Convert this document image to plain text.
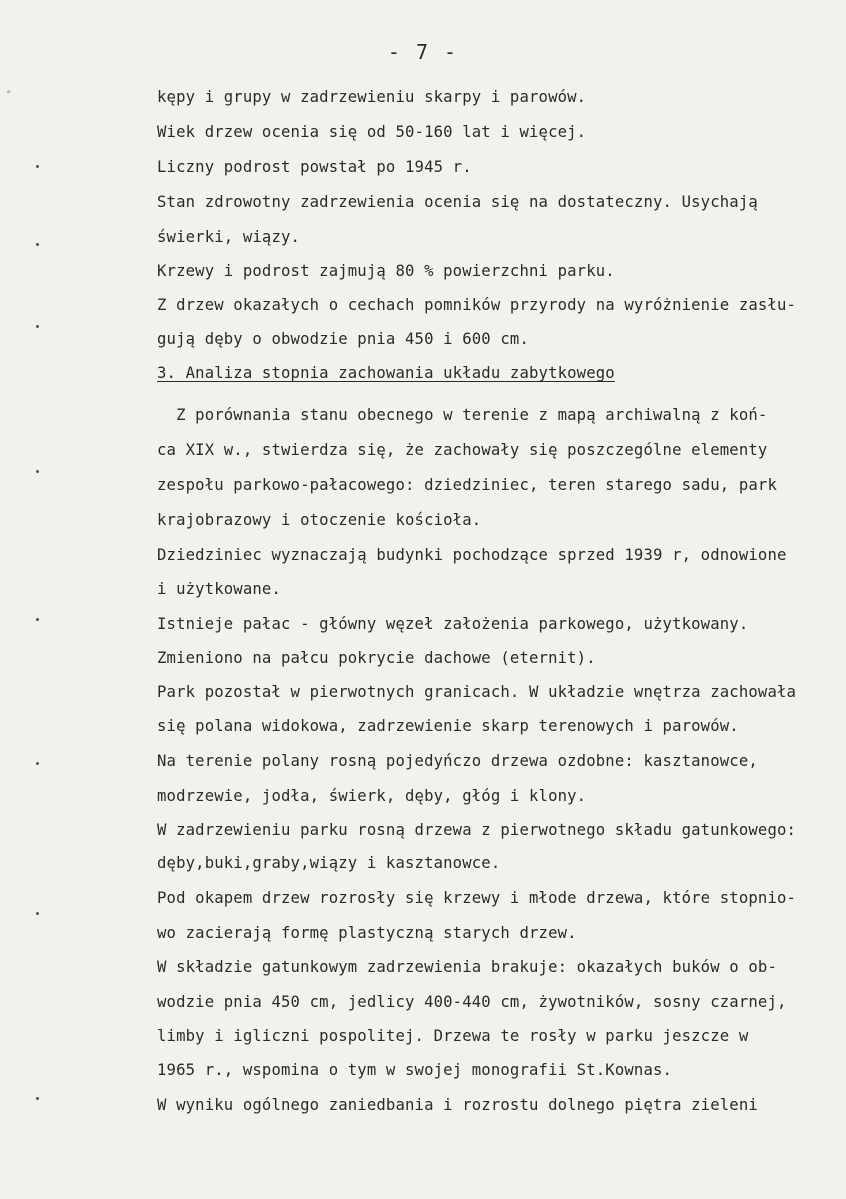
°
- 7 -
kępy i grupy w zadrzewieniu skarpy i parowów.
Wiek drzew ocenia się od 50-160 lat i więcej.
Liczny podrost powstał po 1945 r.
Stan zdrowotny zadrzewienia ocenia się na dostateczny. Usychają
świerki, wiązy.
Krzewy i podrost zajmują 80 % powierzchni parku.
Z drzew okazałych o cechach pomników przyrody na wyróżnienie zasłu-
gują dęby o obwodzie pnia 450 i 600 cm.
3. Analiza stopnia zachowania układu zabytkowego
Z porównania stanu obecnego w terenie z mapą archiwalną z koń-
ca XIX w., stwierdza się, że zachowały się poszczególne elementy
zespołu parkowo-pałacowego: dziedziniec, teren starego sadu, park
krajobrazowy i otoczenie kościoła.
Dziedziniec wyznaczają budynki pochodzące sprzed 1939 r, odnowione
i użytkowane.
Istnieje pałac - główny węzeł założenia parkowego, użytkowany.
Zmieniono na pałcu pokrycie dachowe (eternit).
Park pozostał w pierwotnych granicach. W układzie wnętrza zachowała
się polana widokowa, zadrzewienie skarp terenowych i parowów.
Na terenie polany rosną pojedyńczo drzewa ozdobne: kasztanowce,
modrzewie, jodła, świerk, dęby, głóg i klony.
W zadrzewieniu parku rosną drzewa z pierwotnego składu gatunkowego:
dęby,buki,graby,wiązy i kasztanowce.
Pod okapem drzew rozrosły się krzewy i młode drzewa, które stopnio-
wo zacierają formę plastyczną starych drzew.
W składzie gatunkowym zadrzewienia brakuje: okazałych buków o ob-
wodzie pnia 450 cm, jedlicy 400-440 cm, żywotników, sosny czarnej,
limby i igliczni pospolitej. Drzewa te rosły w parku jeszcze w
1965 r., wspomina o tym w swojej monografii St.Kownas.
W wyniku ogólnego zaniedbania i rozrostu dolnego piętra zieleni
